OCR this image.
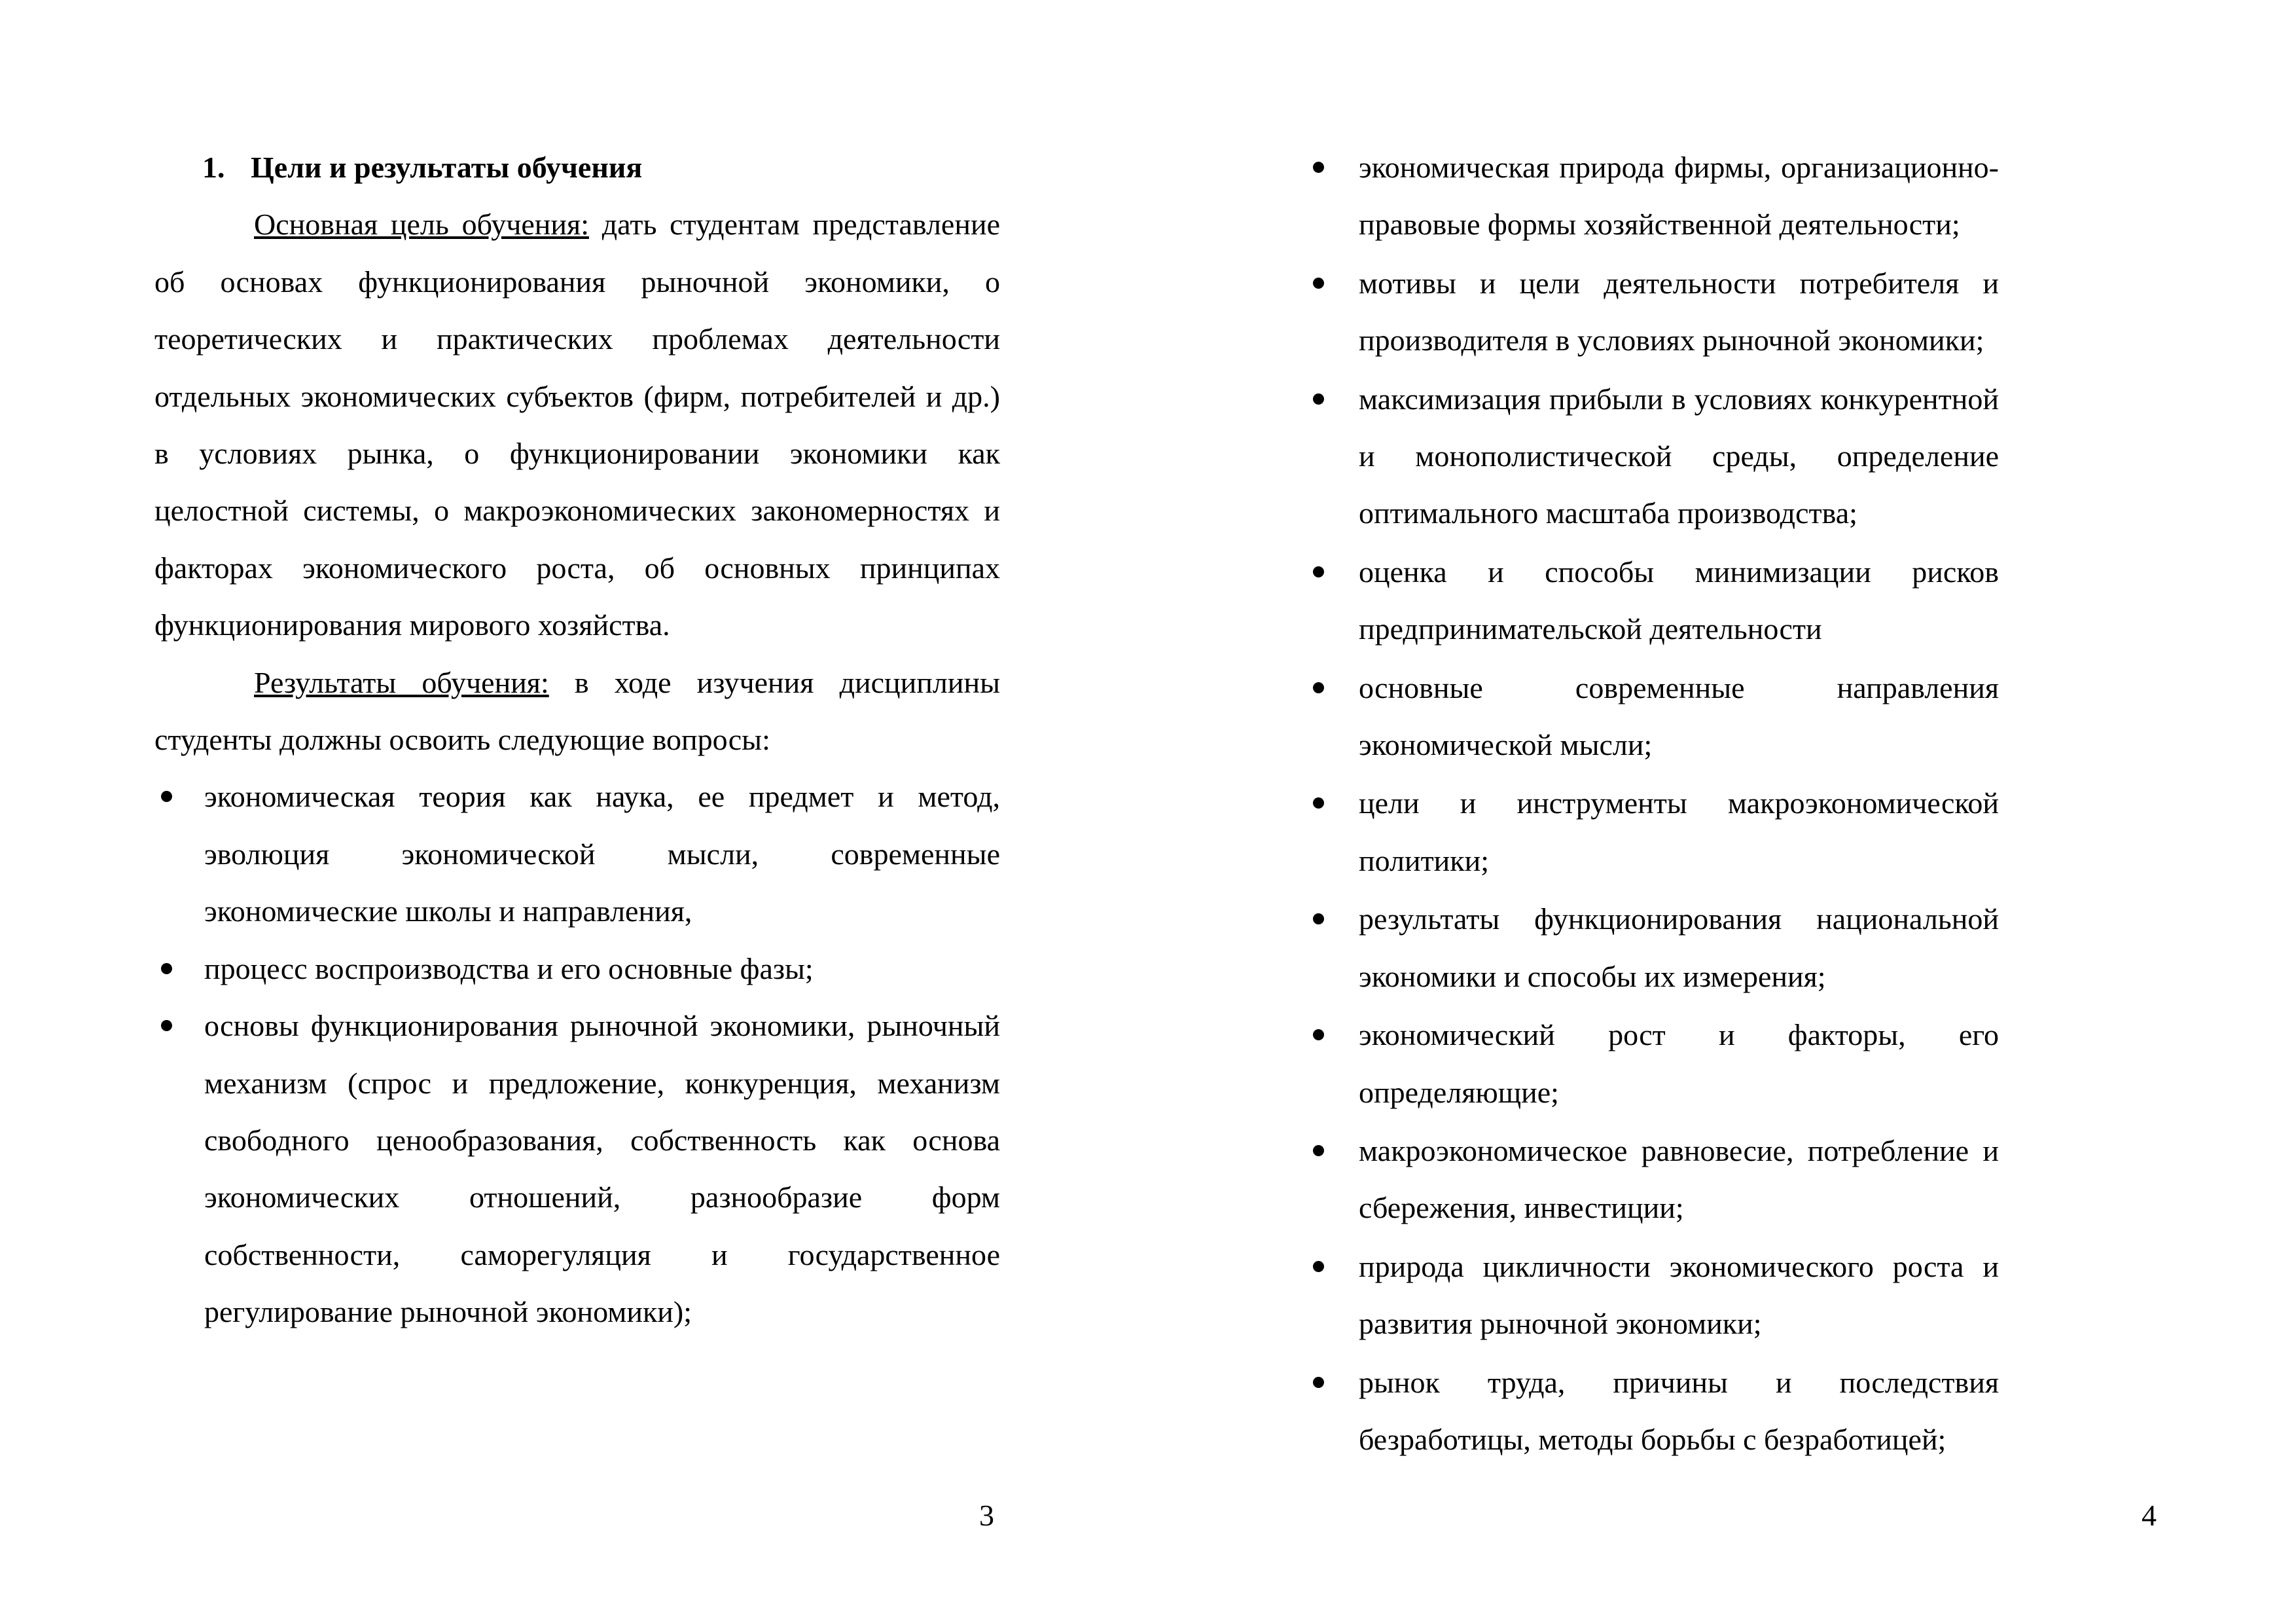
1. Цели и результаты обучения

Основная цель обучения: дать студентам представление об основах функционирования рыночной экономики, о теоретических и практических проблемах деятельности отдельных экономических субъектов (фирм, потребителей и др.) в условиях рынка, о функционировании экономики как целостной системы, о макроэкономических закономерностях и факторах экономического роста, об основных принципах функционирования мирового хозяйства.

Результаты обучения: в ходе изучения дисциплины студенты должны освоить следующие вопросы:

экономическая теория как наука, ее предмет и метод, эволюция экономической мысли, современные экономические школы и направления,
процесс воспроизводства и его основные фазы;
основы функционирования рыночной экономики, рыночный механизм (спрос и предложение, конкуренция, механизм свободного ценообразования, собственность как основа экономических отношений, разнообразие форм собственности, саморегуляция и государственное регулирование рыночной экономики);
3
экономическая природа фирмы, организационно-правовые формы хозяйственной деятельности;
мотивы и цели деятельности потребителя и производителя в условиях рыночной экономики;
максимизация прибыли в условиях конкурентной и монополистической среды, определение оптимального масштаба производства;
оценка и способы минимизации рисков предпринимательской деятельности
основные современные направления экономической мысли;
цели и инструменты макроэкономической политики;
результаты функционирования национальной экономики и способы их измерения;
экономический рост и факторы, его определяющие;
макроэкономическое равновесие, потребление и сбережения, инвестиции;
природа цикличности экономического роста и развития рыночной экономики;
рынок труда, причины и последствия безработицы, методы борьбы с безработицей;
4
